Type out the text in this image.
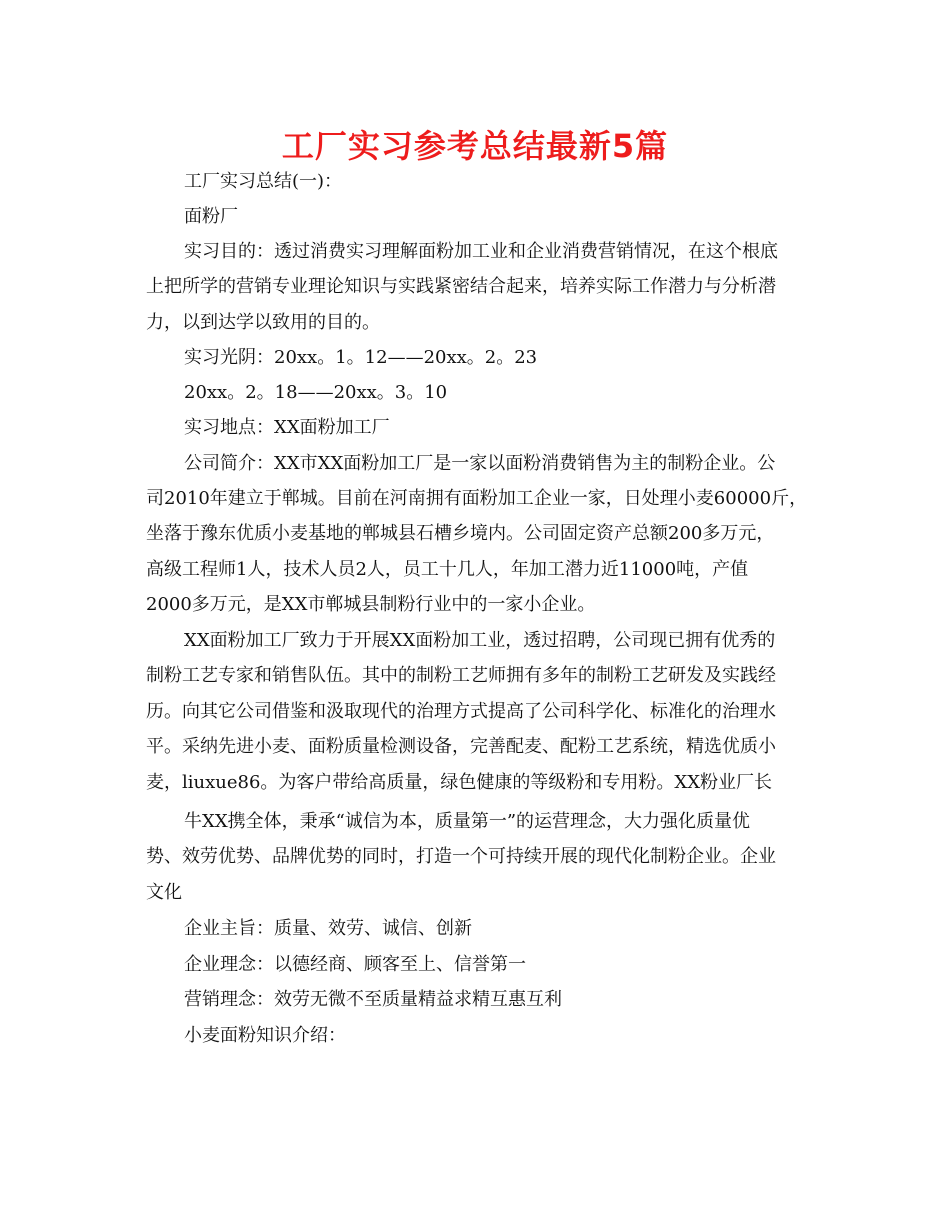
工厂实习参考总结最新5篇
工厂实习总结(一)：
面粉厂
实习目的：透过消费实习理解面粉加工业和企业消费营销情况，在这个根底
上把所学的营销专业理论知识与实践紧密结合起来，培养实际工作潜力与分析潜
力，以到达学以致用的目的。
实习光阴：20xx。1。12——20xx。2。23
20xx。2。18——20xx。3。10
实习地点：XX面粉加工厂
公司简介：XX市XX面粉加工厂是一家以面粉消费销售为主的制粉企业。公
司2010年建立于郸城。目前在河南拥有面粉加工企业一家，日处理小麦60000斤，
坐落于豫东优质小麦基地的郸城县石槽乡境内。公司固定资产总额200多万元，
高级工程师1人，技术人员2人，员工十几人，年加工潜力近11000吨，产值
2000多万元，是XX市郸城县制粉行业中的一家小企业。
XX面粉加工厂致力于开展XX面粉加工业，透过招聘，公司现已拥有优秀的
制粉工艺专家和销售队伍。其中的制粉工艺师拥有多年的制粉工艺研发及实践经
历。向其它公司借鉴和汲取现代的治理方式提高了公司科学化、标准化的治理水
平。采纳先进小麦、面粉质量检测设备，完善配麦、配粉工艺系统，精选优质小
麦，liuxue86。为客户带给高质量，绿色健康的等级粉和专用粉。XX粉业厂长
牛XX携全体，秉承“诚信为本，质量第一”的运营理念，大力强化质量优
势、效劳优势、品牌优势的同时，打造一个可持续开展的现代化制粉企业。企业
文化
企业主旨：质量、效劳、诚信、创新
企业理念：以德经商、顾客至上、信誉第一
营销理念：效劳无微不至质量精益求精互惠互利
小麦面粉知识介绍：
